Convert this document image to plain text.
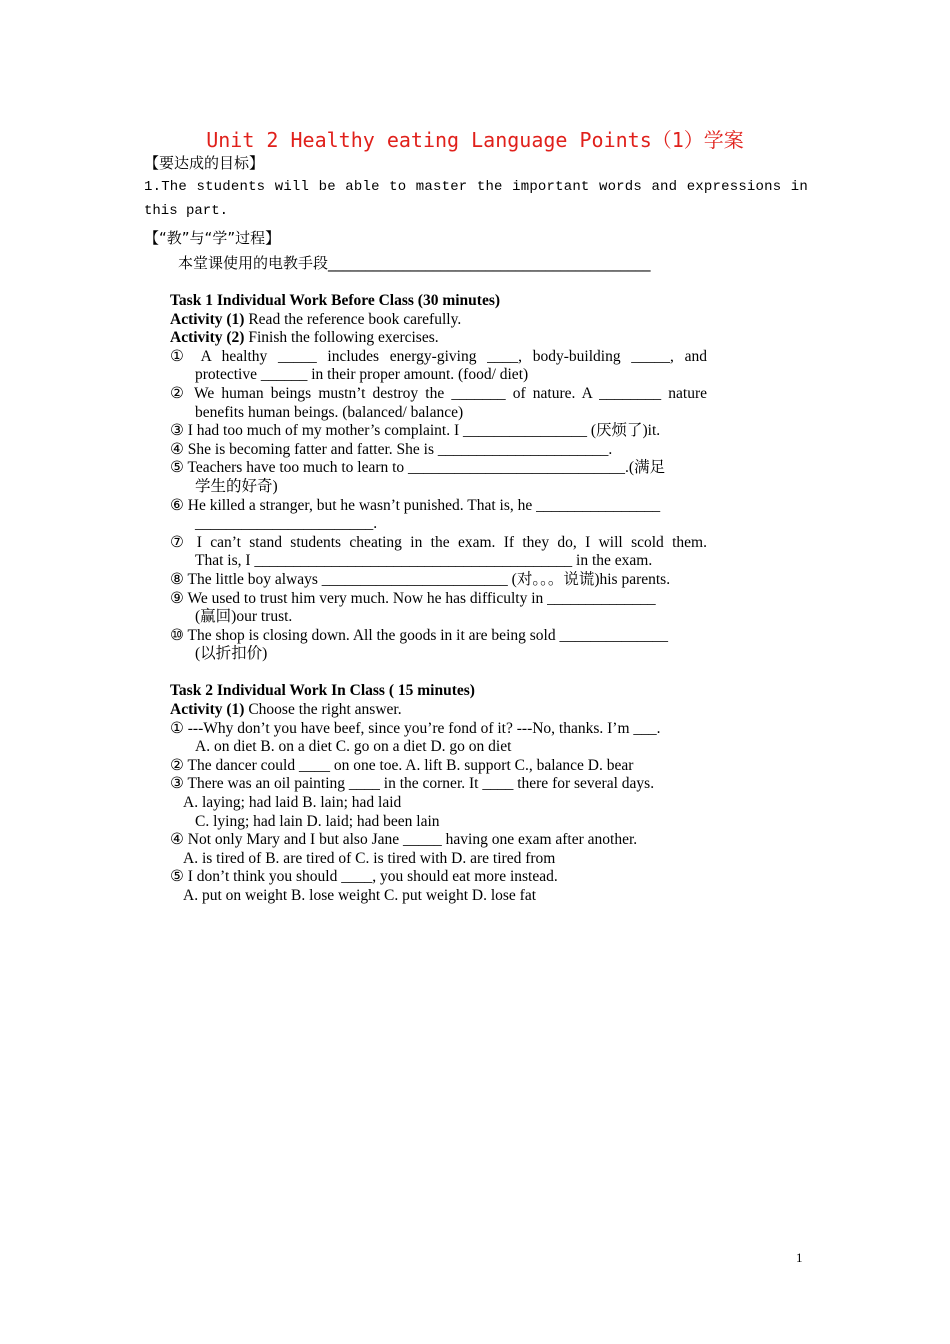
Unit 2 Healthy eating Language Points（1）学案
【要达成的目标】
1.The students will be able to master the important words and expressions in
this part.
【“教”与“学”过程】
本堂课使用的电教手段___________________________________________
Task 1 Individual Work Before Class (30 minutes)
Activity (1) Read the reference book carefully.
Activity (2) Finish the following exercises.
① A healthy _____ includes energy-giving ____, body-building _____, and
protective ______ in their proper amount. (food/ diet)
② We human beings mustn’t destroy the _______ of nature. A ________ nature
benefits human beings. (balanced/ balance)
③ I had too much of my mother’s complaint. I ________________ (厌烦了)it.
④ She is becoming fatter and fatter. She is ______________________.
⑤ Teachers have too much to learn to ____________________________.(满足
学生的好奇)
⑥ He killed a stranger, but he wasn’t punished. That is, he ________________
_______________________.
⑦ I can’t stand students cheating in the exam. If they do, I will scold them.
That is, I _________________________________________ in the exam.
⑧ The little boy always ________________________ (对。。。说谎)his parents.
⑨ We used to trust him very much. Now he has difficulty in ______________
(赢回)our trust.
⑩ The shop is closing down. All the goods in it are being sold ______________
(以折扣价)
Task 2 Individual Work In Class ( 15 minutes)
Activity (1) Choose the right answer.
① ---Why don’t you have beef, since you’re fond of it? ---No, thanks. I’m ___.
A. on diet B. on a diet C. go on a diet D. go on diet
② The dancer could ____ on one toe. A. lift B. support C., balance D. bear
③ There was an oil painting ____ in the corner. It ____ there for several days.
A. laying; had laid B. lain; had laid
C. lying; had lain D. laid; had been lain
④ Not only Mary and I but also Jane _____ having one exam after another.
A. is tired of B. are tired of C. is tired with D. are tired from
⑤ I don’t think you should ____, you should eat more instead.
A. put on weight B. lose weight C. put weight D. lose fat
1
